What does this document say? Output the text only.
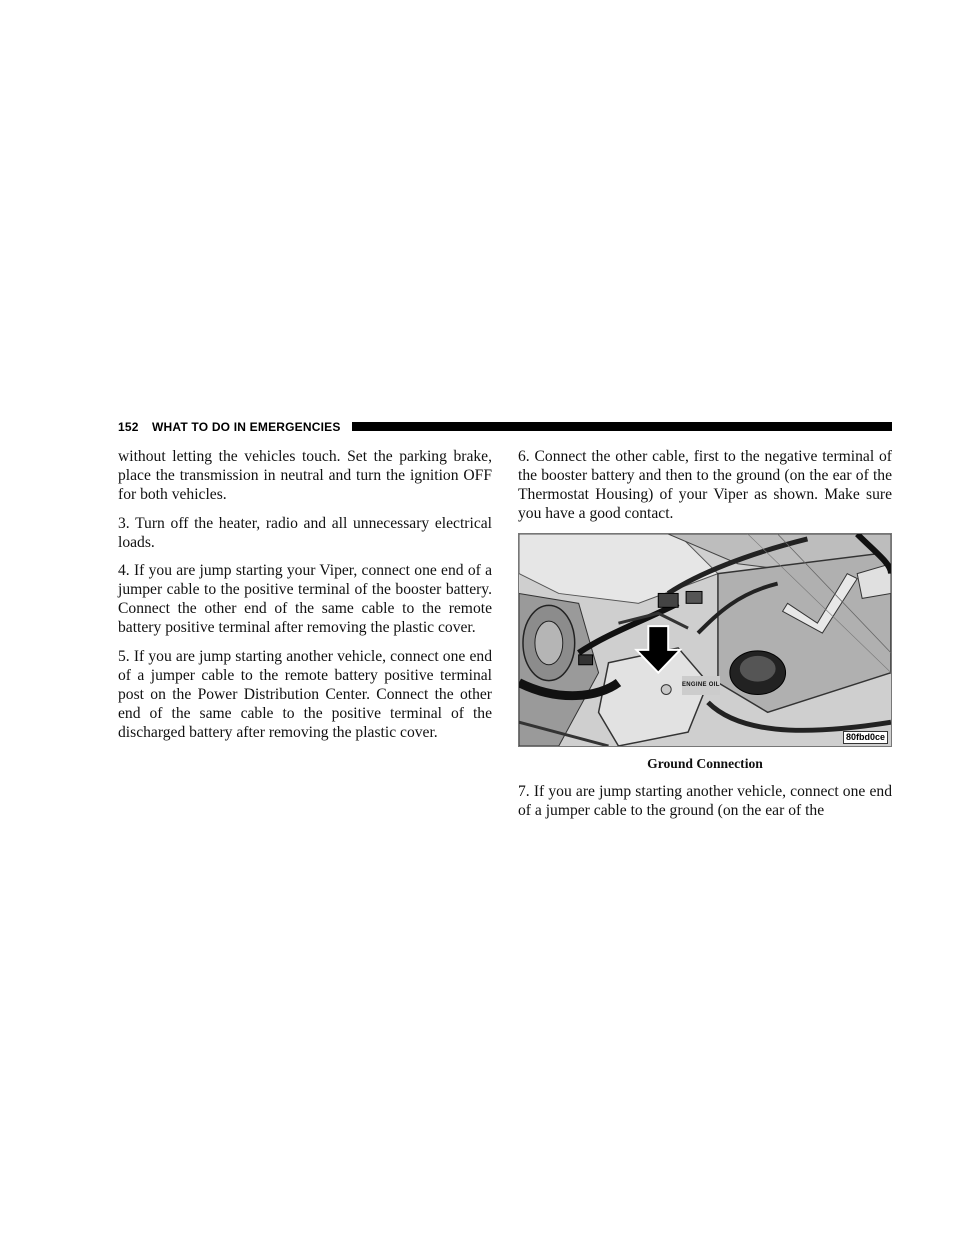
152 WHAT TO DO IN EMERGENCIES

without letting the vehicles touch. Set the parking brake, place the transmission in neutral and turn the ignition OFF for both vehicles.

3. Turn off the heater, radio and all unnecessary electrical loads.

4. If you are jump starting your Viper, connect one end of a jumper cable to the positive terminal of the booster battery. Connect the other end of the same cable to the remote battery positive terminal after removing the plastic cover.

5. If you are jump starting another vehicle, connect one end of a jumper cable to the remote battery positive terminal post on the Power Distribution Center. Connect the other end of the same cable to the positive terminal of the discharged battery after removing the plastic cover.

6. Connect the other cable, first to the negative terminal of the booster battery and then to the ground (on the ear of the Thermostat Housing) of your Viper as shown. Make sure you have a good contact.

ENGINE OIL
80fbd0ce
Ground Connection

7. If you are jump starting another vehicle, connect one end of a jumper cable to the ground (on the ear of the
